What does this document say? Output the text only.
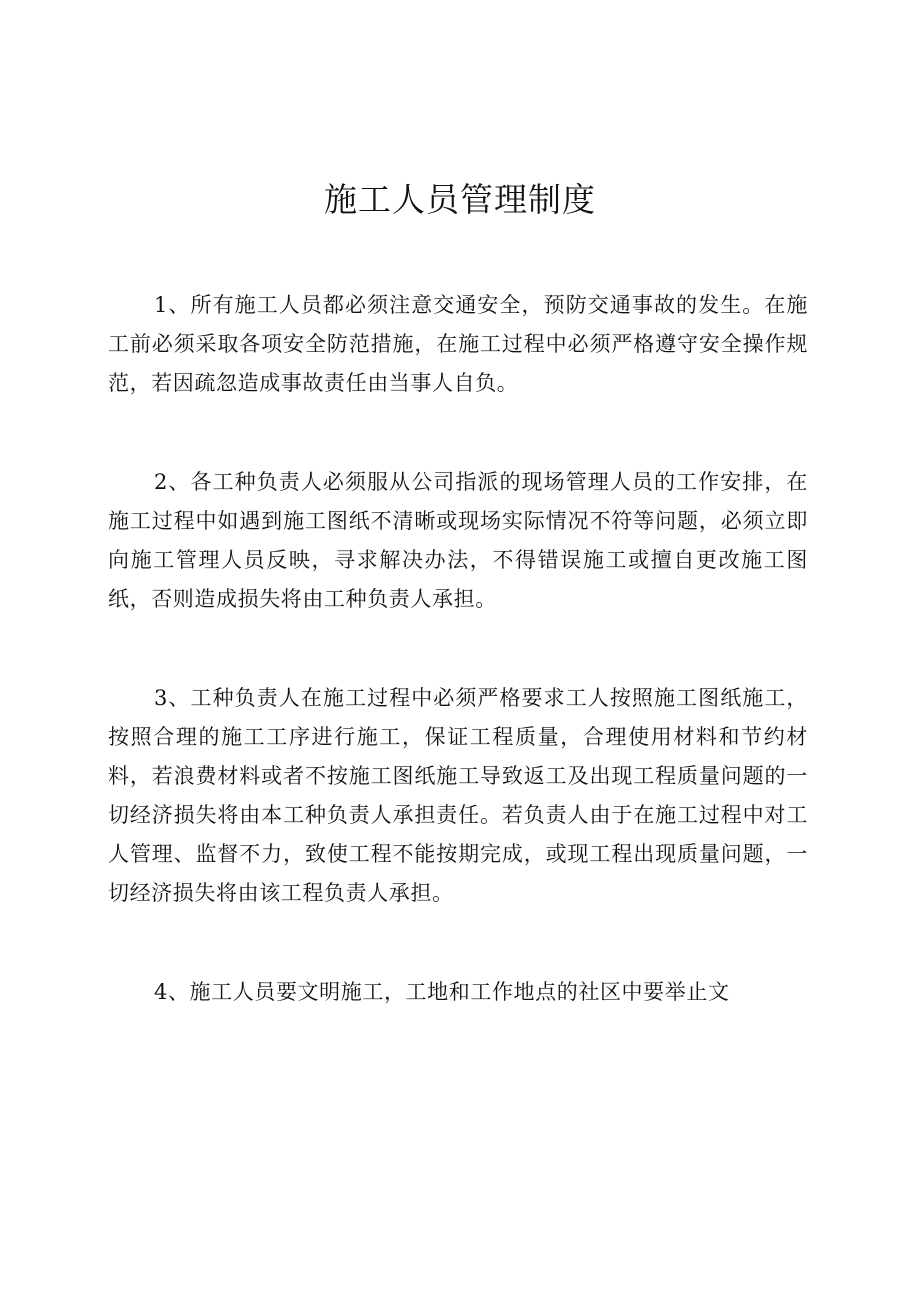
施工人员管理制度

1、所有施工人员都必须注意交通安全，预防交通事故的发生。在施工前必须采取各项安全防范措施，在施工过程中必须严格遵守安全操作规范，若因疏忽造成事故责任由当事人自负。

2、各工种负责人必须服从公司指派的现场管理人员的工作安排，在施工过程中如遇到施工图纸不清晰或现场实际情况不符等问题，必须立即向施工管理人员反映，寻求解决办法，不得错误施工或擅自更改施工图纸，否则造成损失将由工种负责人承担。

3、工种负责人在施工过程中必须严格要求工人按照施工图纸施工，按照合理的施工工序进行施工，保证工程质量，合理使用材料和节约材料，若浪费材料或者不按施工图纸施工导致返工及出现工程质量问题的一切经济损失将由本工种负责人承担责任。若负责人由于在施工过程中对工人管理、监督不力，致使工程不能按期完成，或现工程出现质量问题，一切经济损失将由该工程负责人承担。

4、施工人员要文明施工，工地和工作地点的社区中要举止文
